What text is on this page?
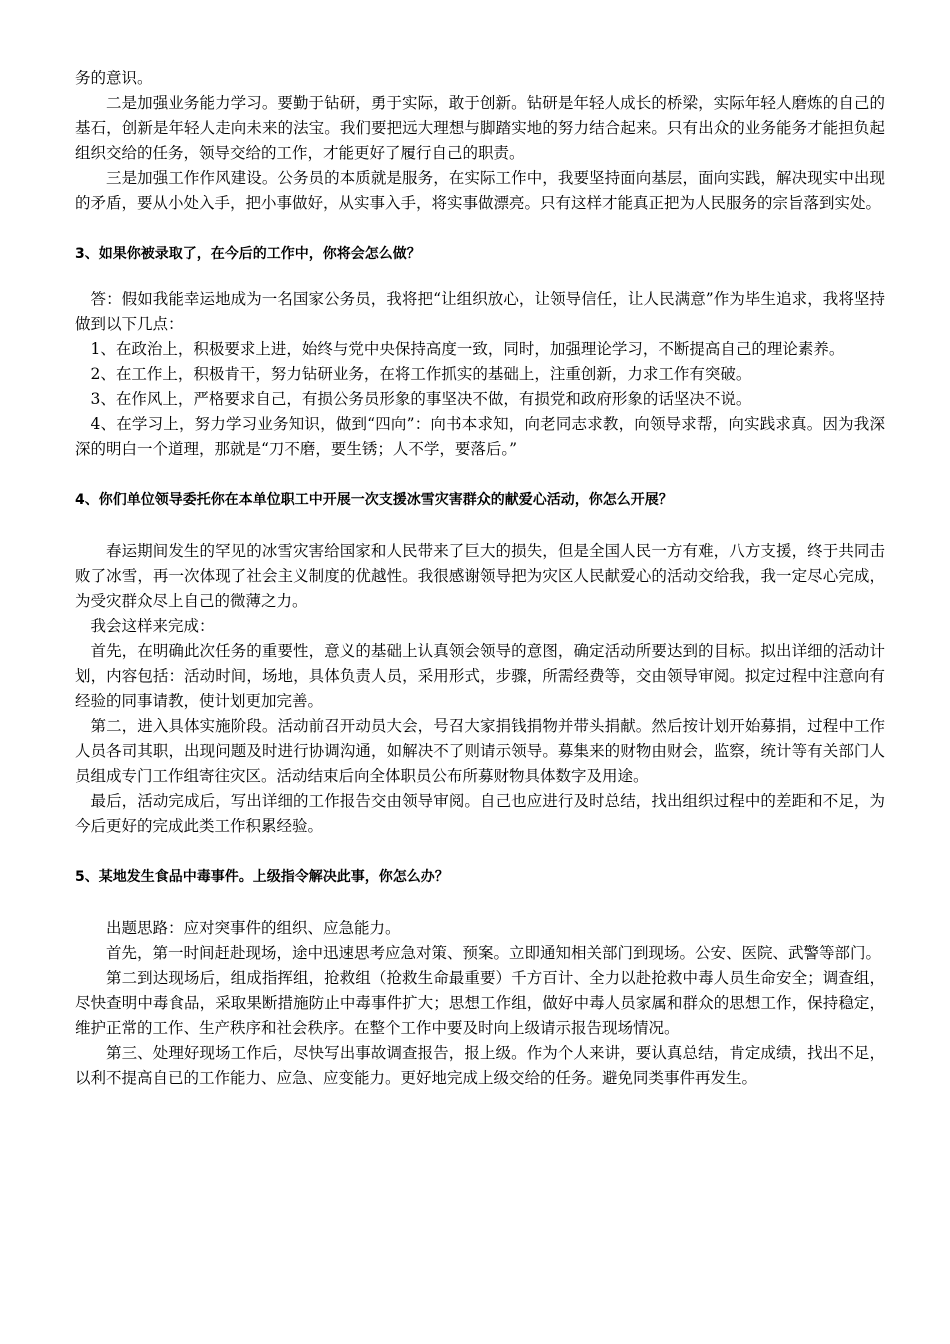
务的意识。

二是加强业务能力学习。要勤于钻研，勇于实际，敢于创新。钻研是年轻人成长的桥梁，实际年轻人磨炼的自己的基石，创新是年轻人走向未来的法宝。我们要把远大理想与脚踏实地的努力结合起来。只有出众的业务能务才能担负起组织交给的任务，领导交给的工作，才能更好了履行自己的职责。

三是加强工作作风建设。公务员的本质就是服务，在实际工作中，我要坚持面向基层，面向实践，解决现实中出现的矛盾，要从小处入手，把小事做好，从实事入手，将实事做漂亮。只有这样才能真正把为人民服务的宗旨落到实处。

3、如果你被录取了，在今后的工作中，你将会怎么做？

答：假如我能幸运地成为一名国家公务员，我将把“让组织放心，让领导信任，让人民满意”作为毕生追求，我将坚持做到以下几点：

1、在政治上，积极要求上进，始终与党中央保持高度一致，同时，加强理论学习，不断提高自己的理论素养。

2、在工作上，积极肯干，努力钻研业务，在将工作抓实的基础上，注重创新，力求工作有突破。

3、在作风上，严格要求自己，有损公务员形象的事坚决不做，有损党和政府形象的话坚决不说。

4、在学习上，努力学习业务知识，做到“四向”：向书本求知，向老同志求教，向领导求帮，向实践求真。因为我深深的明白一个道理，那就是“刀不磨，要生锈；人不学，要落后。”

4、你们单位领导委托你在本单位职工中开展一次支援冰雪灾害群众的献爱心活动，你怎么开展？

春运期间发生的罕见的冰雪灾害给国家和人民带来了巨大的损失，但是全国人民一方有难，八方支援，终于共同击败了冰雪，再一次体现了社会主义制度的优越性。我很感谢领导把为灾区人民献爱心的活动交给我，我一定尽心完成，为受灾群众尽上自己的微薄之力。

我会这样来完成：

首先，在明确此次任务的重要性，意义的基础上认真领会领导的意图，确定活动所要达到的目标。拟出详细的活动计划，内容包括：活动时间，场地，具体负责人员，采用形式，步骤，所需经费等，交由领导审阅。拟定过程中注意向有经验的同事请教，使计划更加完善。

第二，进入具体实施阶段。活动前召开动员大会，号召大家捐钱捐物并带头捐献。然后按计划开始募捐，过程中工作人员各司其职，出现问题及时进行协调沟通，如解决不了则请示领导。募集来的财物由财会，监察，统计等有关部门人员组成专门工作组寄往灾区。活动结束后向全体职员公布所募财物具体数字及用途。

最后，活动完成后，写出详细的工作报告交由领导审阅。自己也应进行及时总结，找出组织过程中的差距和不足，为今后更好的完成此类工作积累经验。

5、某地发生食品中毒事件。上级指令解决此事，你怎么办？

出题思路：应对突事件的组织、应急能力。

首先，第一时间赶赴现场，途中迅速思考应急对策、预案。立即通知相关部门到现场。公安、医院、武警等部门。

第二到达现场后，组成指挥组，抢救组（抢救生命最重要）千方百计、全力以赴抢救中毒人员生命安全；调查组，尽快查明中毒食品，采取果断措施防止中毒事件扩大；思想工作组，做好中毒人员家属和群众的思想工作，保持稳定，维护正常的工作、生产秩序和社会秩序。在整个工作中要及时向上级请示报告现场情况。

第三、处理好现场工作后，尽快写出事故调查报告，报上级。作为个人来讲，要认真总结，肯定成绩，找出不足，以利不提高自已的工作能力、应急、应变能力。更好地完成上级交给的任务。避免同类事件再发生。
